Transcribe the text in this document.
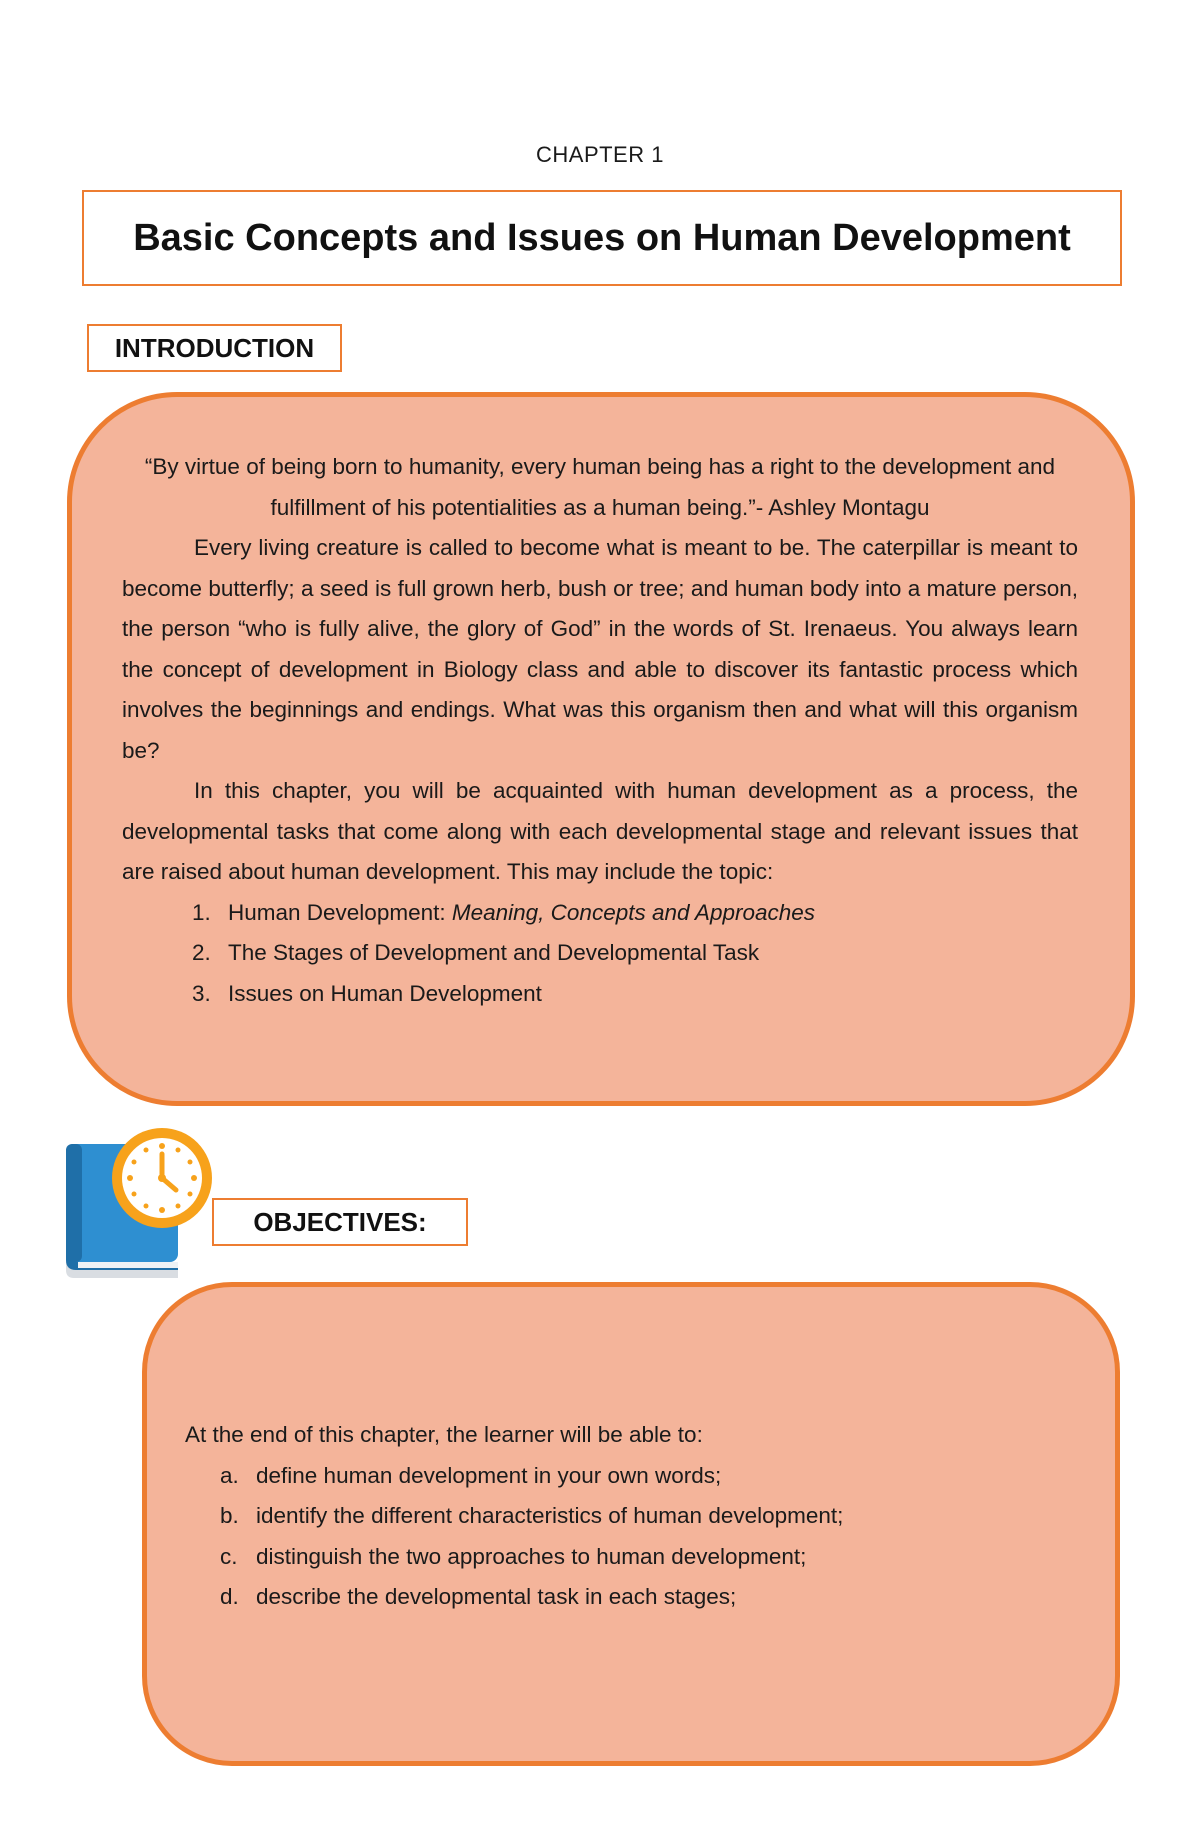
CHAPTER 1
Basic Concepts and Issues on Human Development
INTRODUCTION

“By virtue of being born to humanity, every human being has a right to the development and fulfillment of his potentialities as a human being.”- Ashley Montagu

Every living creature is called to become what is meant to be. The caterpillar is meant to become butterfly; a seed is full grown herb, bush or tree; and human body into a mature person, the person “who is fully alive, the glory of God” in the words of St. Irenaeus. You always learn the concept of development in Biology class and able to discover its fantastic process which involves the beginnings and endings. What was this organism then and what will this organism be?

In this chapter, you will be acquainted with human development as a process, the developmental tasks that come along with each developmental stage and relevant issues that are raised about human development. This may include the topic:

1. Human Development: Meaning, Concepts and Approaches
2. The Stages of Development and Developmental Task
3. Issues on Human Development
OBJECTIVES:

At the end of this chapter, the learner will be able to:

a. define human development in your own words;
b. identify the different characteristics of human development;
c. distinguish the two approaches to human development;
d. describe the developmental task in each stages;
